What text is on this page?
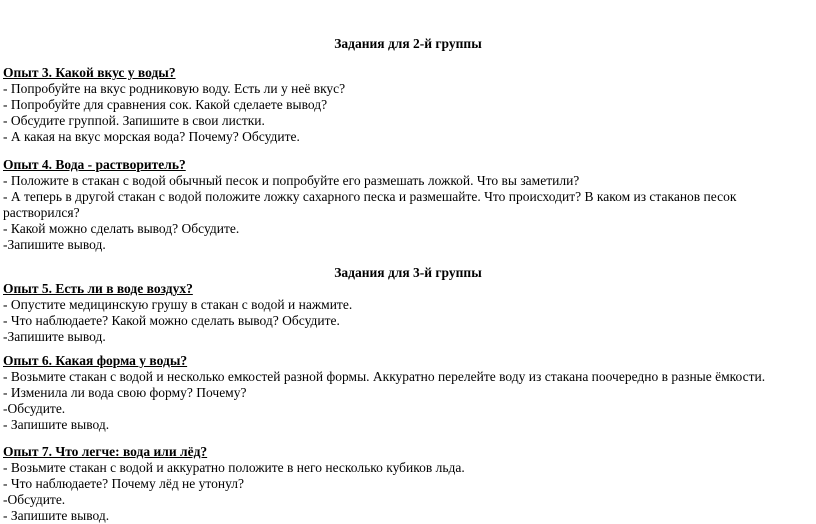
Задания для 2-й группы
Опыт 3. Какой вкус у воды?
- Попробуйте на вкус родниковую воду. Есть ли у неё вкус?
- Попробуйте для сравнения сок. Какой сделаете вывод?
- Обсудите группой. Запишите в свои листки.
- А какая на вкус морская вода? Почему? Обсудите.
Опыт 4. Вода - растворитель?
- Положите в стакан с водой обычный песок и попробуйте его размешать ложкой. Что вы заметили?
- А теперь в другой стакан с водой положите ложку сахарного песка и размешайте. Что происходит? В каком из стаканов песок растворился?
- Какой можно сделать вывод? Обсудите.
-Запишите вывод.
Задания для 3-й группы
Опыт 5. Есть ли в воде воздух?
- Опустите медицинскую грушу в стакан с водой и нажмите.
- Что наблюдаете? Какой можно сделать вывод? Обсудите.
-Запишите вывод.
Опыт 6. Какая форма у воды?
- Возьмите стакан с водой и несколько емкостей разной формы. Аккуратно перелейте воду из стакана поочередно в разные ёмкости.
- Изменила ли вода свою форму? Почему?
-Обсудите.
- Запишите вывод.
Опыт 7. Что легче: вода или лёд?
- Возьмите стакан с водой и аккуратно положите в него несколько кубиков льда.
- Что наблюдаете? Почему лёд не утонул?
-Обсудите.
- Запишите вывод.
